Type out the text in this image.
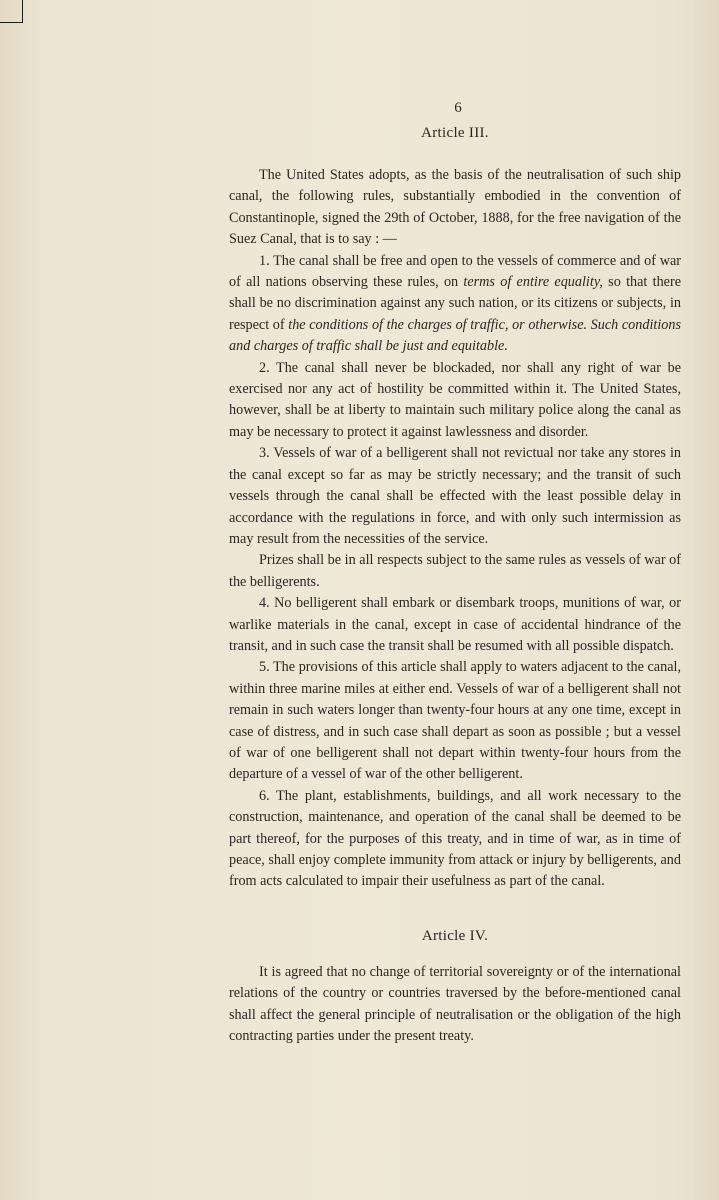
6
Article III.

The United States adopts, as the basis of the neutralisation of such ship canal, the following rules, substantially embodied in the convention of Constantinople, signed the 29th of October, 1888, for the free navigation of the Suez Canal, that is to say : —

1. The canal shall be free and open to the vessels of commerce and of war of all nations observing these rules, on terms of entire equality, so that there shall be no discrimination against any such nation, or its citizens or subjects, in respect of the conditions of the charges of traffic, or otherwise. Such conditions and charges of traffic shall be just and equitable.

2. The canal shall never be blockaded, nor shall any right of war be exercised nor any act of hostility be committed within it. The United States, however, shall be at liberty to maintain such military police along the canal as may be necessary to protect it against lawlessness and disorder.

3. Vessels of war of a belligerent shall not revictual nor take any stores in the canal except so far as may be strictly necessary; and the transit of such vessels through the canal shall be effected with the least possible delay in accordance with the regulations in force, and with only such intermission as may result from the necessities of the service.

Prizes shall be in all respects subject to the same rules as vessels of war of the belligerents.

4. No belligerent shall embark or disembark troops, munitions of war, or warlike materials in the canal, except in case of accidental hindrance of the transit, and in such case the transit shall be resumed with all possible dispatch.

5. The provisions of this article shall apply to waters adjacent to the canal, within three marine miles at either end. Vessels of war of a belligerent shall not remain in such waters longer than twenty-four hours at any one time, except in case of distress, and in such case shall depart as soon as possible ; but a vessel of war of one belligerent shall not depart within twenty-four hours from the departure of a vessel of war of the other belligerent.

6. The plant, establishments, buildings, and all work necessary to the construction, maintenance, and operation of the canal shall be deemed to be part thereof, for the purposes of this treaty, and in time of war, as in time of peace, shall enjoy complete immunity from attack or injury by belligerents, and from acts calculated to impair their usefulness as part of the canal.

Article IV.

It is agreed that no change of territorial sovereignty or of the international relations of the country or countries traversed by the before-mentioned canal shall affect the general principle of neutralisation or the obligation of the high contracting parties under the present treaty.
